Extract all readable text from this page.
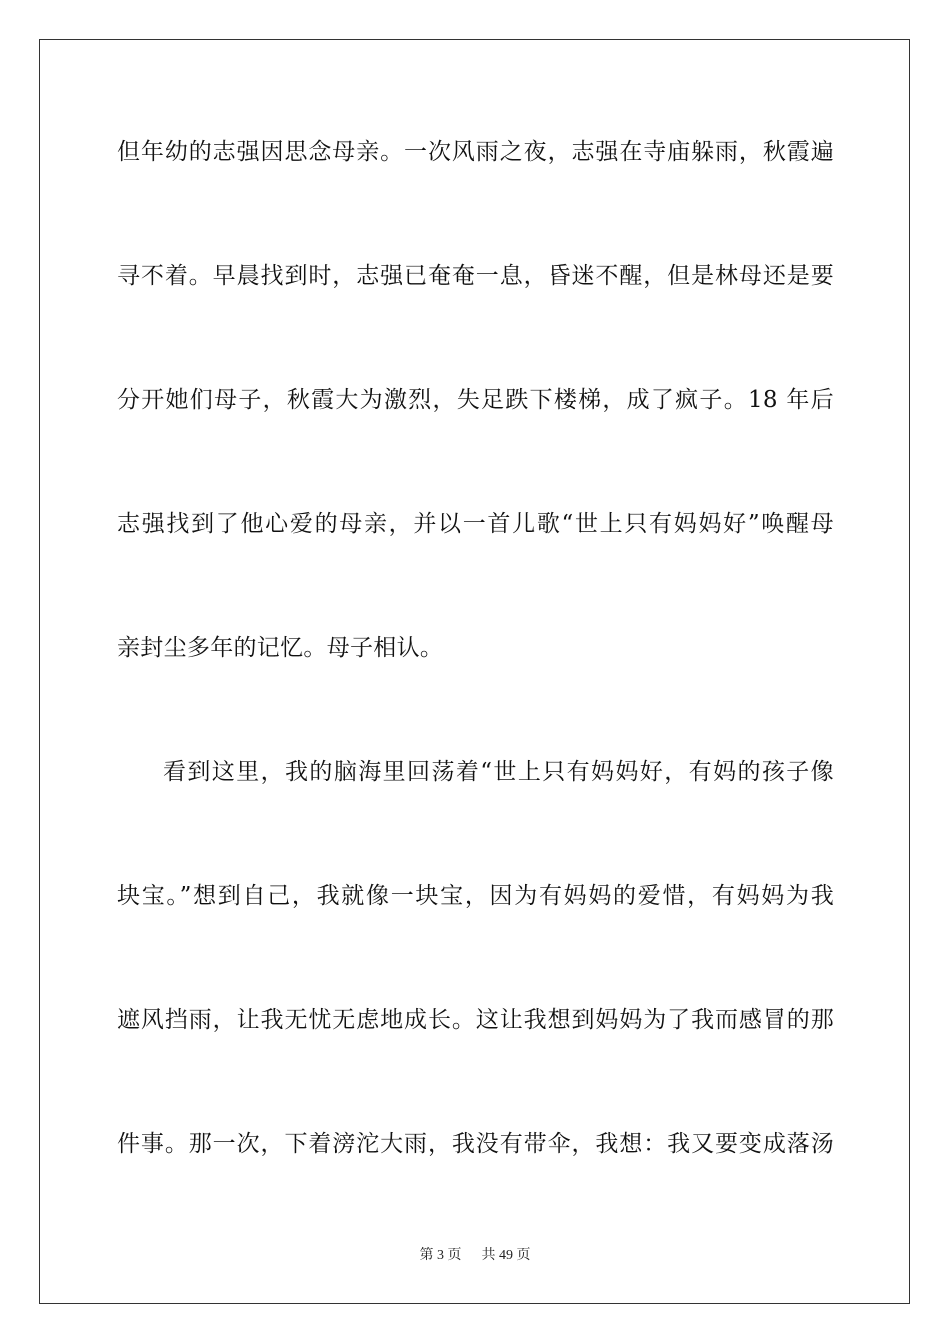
但年幼的志强因思念母亲。一次风雨之夜，志强在寺庙躲雨，秋霞遍
寻不着。早晨找到时，志强已奄奄一息，昏迷不醒，但是林母还是要
分开她们母子，秋霞大为激烈，失足跌下楼梯，成了疯子。18 年后
志强找到了他心爱的母亲，并以一首儿歌“世上只有妈妈好”唤醒母
亲封尘多年的记忆。母子相认。
看到这里，我的脑海里回荡着“世上只有妈妈好，有妈的孩子像
块宝。”想到自己，我就像一块宝，因为有妈妈的爱惜，有妈妈为我
遮风挡雨，让我无忧无虑地成长。这让我想到妈妈为了我而感冒的那
件事。那一次，下着滂沱大雨，我没有带伞，我想：我又要变成落汤
第 3 页 共 49 页
